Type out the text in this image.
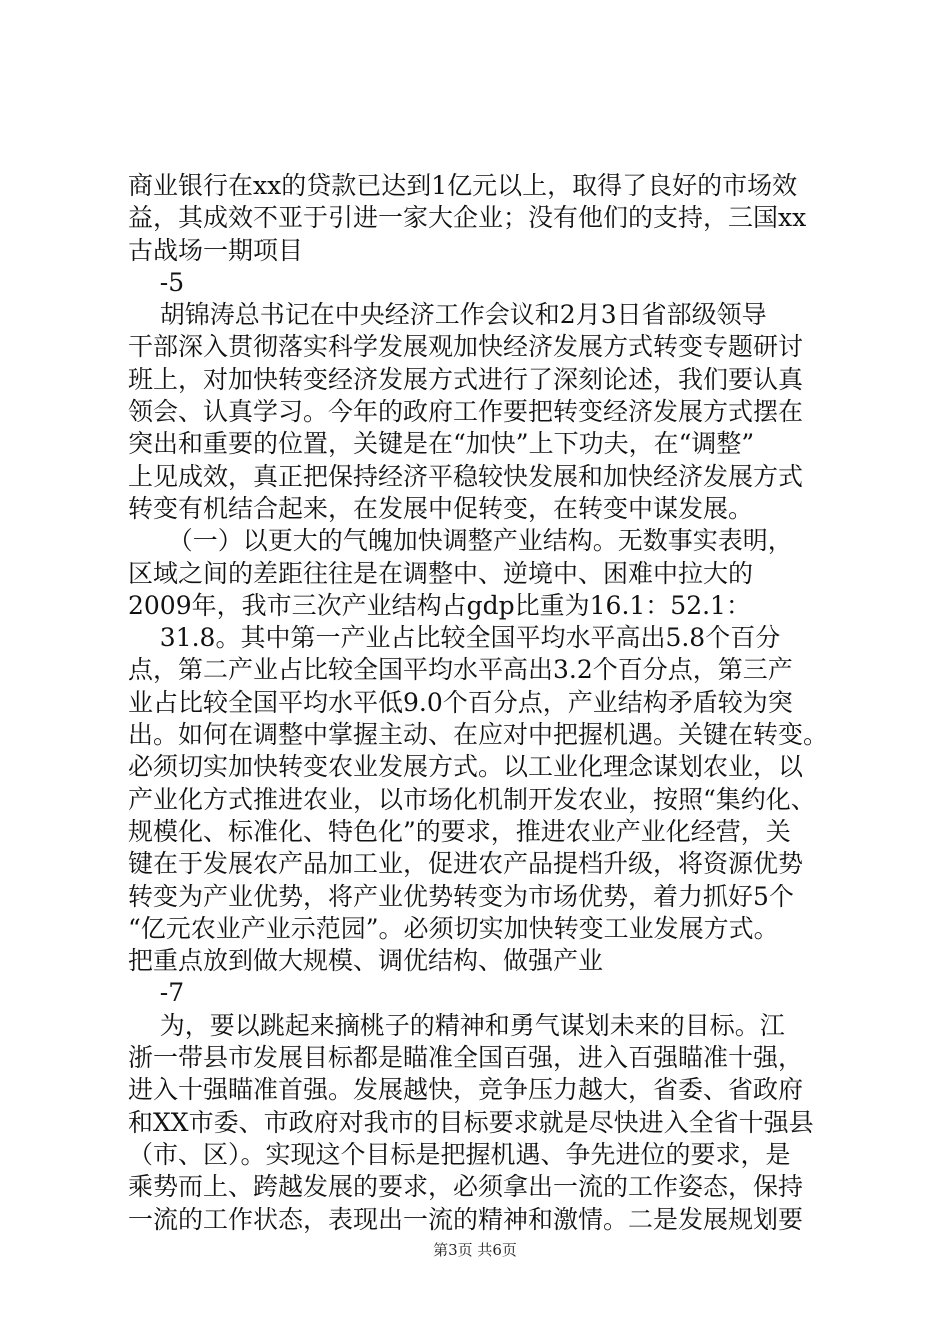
商业银行在xx的贷款已达到1亿元以上，取得了良好的市场效
益，其成效不亚于引进一家大企业；没有他们的支持，三国xx
古战场一期项目
-5
胡锦涛总书记在中央经济工作会议和2月3日省部级领导
干部深入贯彻落实科学发展观加快经济发展方式转变专题研讨
班上，对加快转变经济发展方式进行了深刻论述，我们要认真
领会、认真学习。今年的政府工作要把转变经济发展方式摆在
突出和重要的位置，关键是在“加快”上下功夫，在“调整”
上见成效，真正把保持经济平稳较快发展和加快经济发展方式
转变有机结合起来，在发展中促转变，在转变中谋发展。
（一）以更大的气魄加快调整产业结构。无数事实表明，
区域之间的差距往往是在调整中、逆境中、困难中拉大的
2009年，我市三次产业结构占gdp比重为16.1：52.1：
31.8。其中第一产业占比较全国平均水平高出5.8个百分
点，第二产业占比较全国平均水平高出3.2个百分点，第三产
业占比较全国平均水平低9.0个百分点，产业结构矛盾较为突
出。如何在调整中掌握主动、在应对中把握机遇。关键在转变。
必须切实加快转变农业发展方式。以工业化理念谋划农业，以
产业化方式推进农业，以市场化机制开发农业，按照“集约化、
规模化、标准化、特色化”的要求，推进农业产业化经营，关
键在于发展农产品加工业，促进农产品提档升级，将资源优势
转变为产业优势，将产业优势转变为市场优势，着力抓好5个
“亿元农业产业示范园”。必须切实加快转变工业发展方式。
把重点放到做大规模、调优结构、做强产业
-7
为，要以跳起来摘桃子的精神和勇气谋划未来的目标。江
浙一带县市发展目标都是瞄准全国百强，进入百强瞄准十强，
进入十强瞄准首强。发展越快，竞争压力越大，省委、省政府
和XX市委、市政府对我市的目标要求就是尽快进入全省十强县
（市、区）。实现这个目标是把握机遇、争先进位的要求，是
乘势而上、跨越发展的要求，必须拿出一流的工作姿态，保持
一流的工作状态，表现出一流的精神和激情。二是发展规划要
第3页 共6页
